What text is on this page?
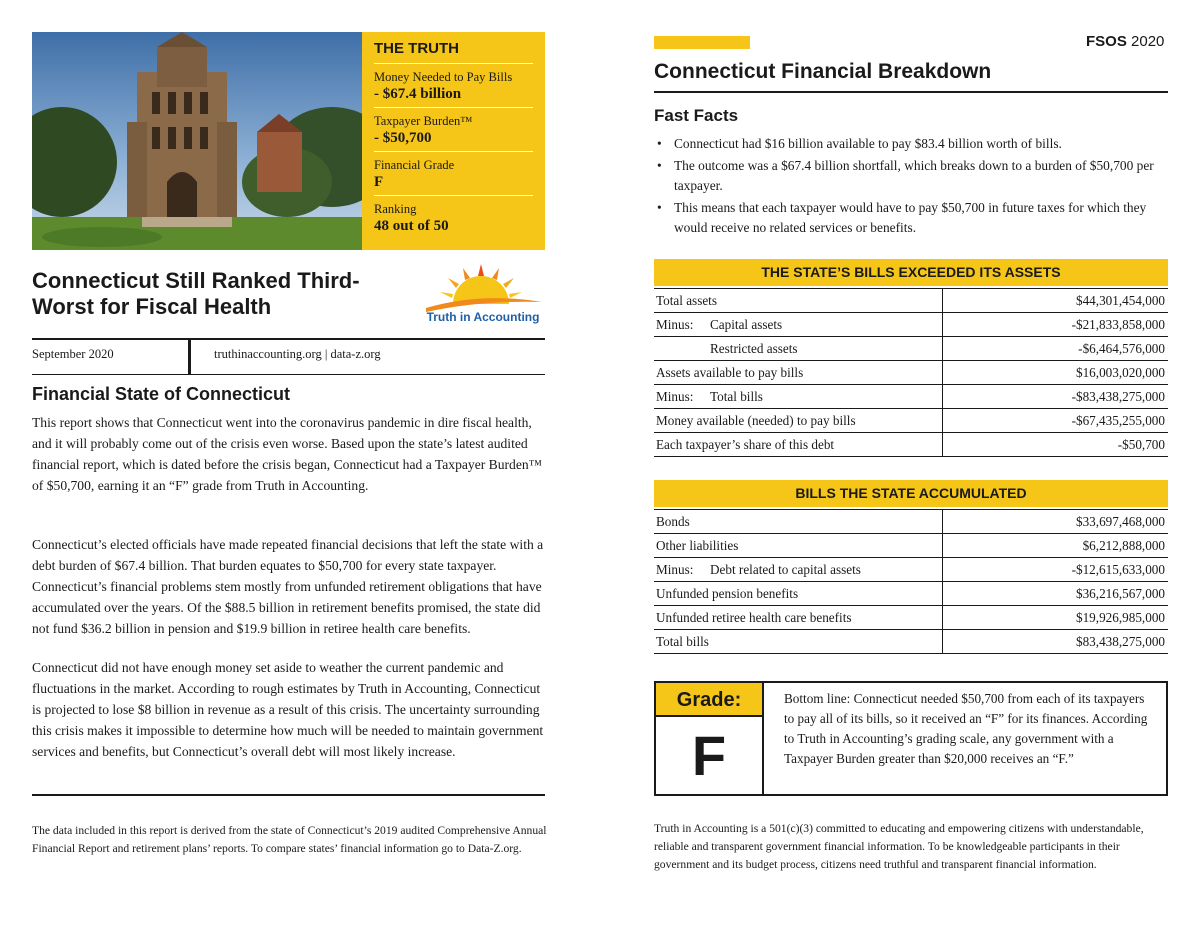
THE TRUTH
Money Needed to Pay Bills
- $67.4 billion
Taxpayer Burden™
- $50,700
Financial Grade
F
Ranking
48 out of 50
Connecticut Still Ranked Third-Worst for Fiscal Health	Truth in Accounting
September 2020	truthinaccounting.org | data-z.org
Financial State of Connecticut

This report shows that Connecticut went into the coronavirus pandemic in dire fiscal health, and it will probably come out of the crisis even worse. Based upon the state’s latest audited financial report, which is dated before the crisis began, Connecticut had a Taxpayer Burden™ of $50,700, earning it an “F” grade from Truth in Accounting.

Connecticut’s elected officials have made repeated financial decisions that left the state with a debt burden of $67.4 billion. That burden equates to $50,700 for every state taxpayer. Connecticut’s financial problems stem mostly from unfunded retirement obligations that have accumulated over the years. Of the $88.5 billion in retirement benefits promised, the state did not fund $36.2 billion in pension and $19.9 billion in retiree health care benefits.

Connecticut did not have enough money set aside to weather the current pandemic and fluctuations in the market. According to rough estimates by Truth in Accounting, Connecticut is projected to lose $8 billion in revenue as a result of this crisis. The uncertainty surrounding this crisis makes it impossible to determine how much will be needed to maintain government services and benefits, but Connecticut’s overall debt will most likely increase.

The data included in this report is derived from the state of Connecticut’s 2019 audited Comprehensive Annual Financial Report and retirement plans’ reports. To compare states’ financial information go to Data-Z.org.

FSOS 2020
Connecticut Financial Breakdown
Fast Facts
• Connecticut had $16 billion available to pay $83.4 billion worth of bills.
• The outcome was a $67.4 billion shortfall, which breaks down to a burden of $50,700 per taxpayer.
• This means that each taxpayer would have to pay $50,700 in future taxes for which they would receive no related services or benefits.
THE STATE’S BILLS EXCEEDED ITS ASSETS
Total assets	$44,301,454,000
Minus: Capital assets	-$21,833,858,000
Restricted assets	-$6,464,576,000
Assets available to pay bills	$16,003,020,000
Minus: Total bills	-$83,438,275,000
Money available (needed) to pay bills	-$67,435,255,000
Each taxpayer’s share of this debt	-$50,700
BILLS THE STATE ACCUMULATED
Bonds	$33,697,468,000
Other liabilities	$6,212,888,000
Minus: Debt related to capital assets	-$12,615,633,000
Unfunded pension benefits	$36,216,567,000
Unfunded retiree health care benefits	$19,926,985,000
Total bills	$83,438,275,000
Grade:
F

Bottom line: Connecticut needed $50,700 from each of its taxpayers to pay all of its bills, so it received an “F” for its finances. According to Truth in Accounting’s grading scale, any government with a Taxpayer Burden greater than $20,000 receives an “F.”

Truth in Accounting is a 501(c)(3) committed to educating and empowering citizens with understandable, reliable and transparent government financial information. To be knowledgeable participants in their government and its budget process, citizens need truthful and transparent financial information.
